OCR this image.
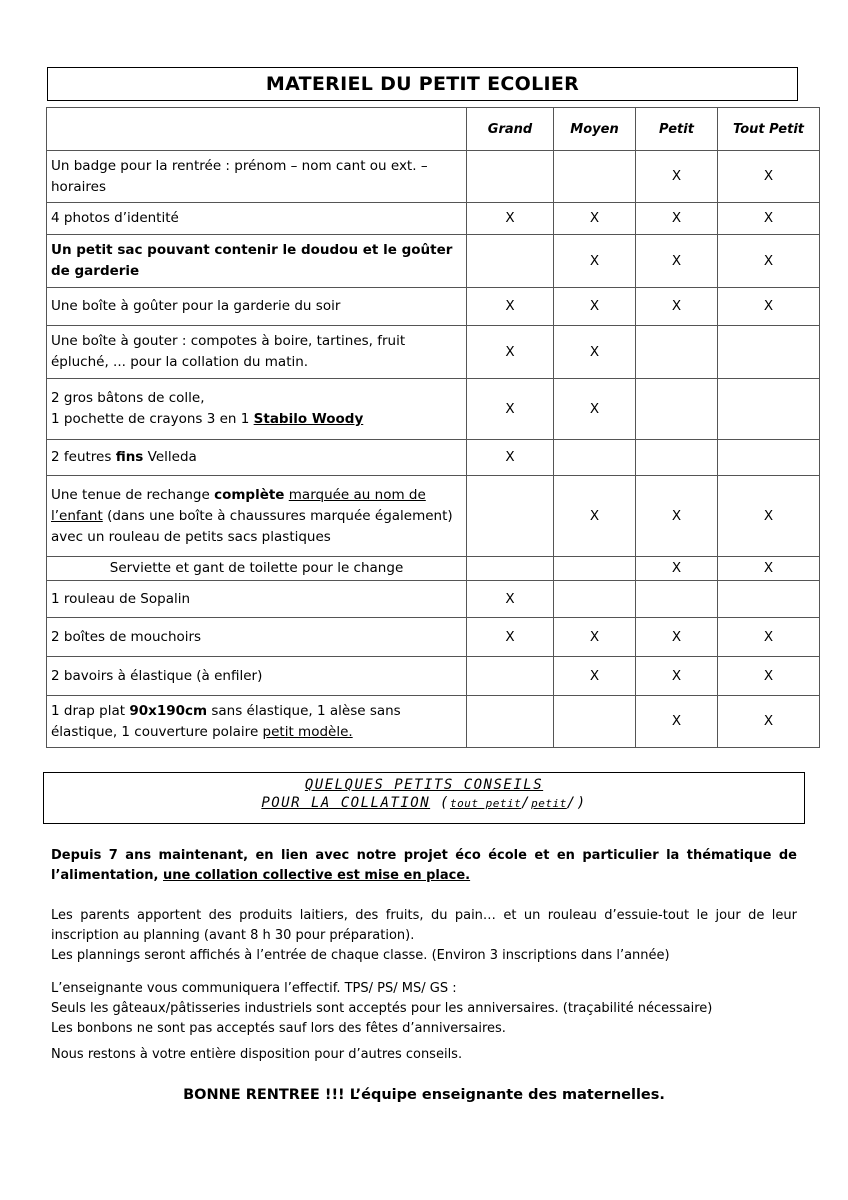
MATERIEL DU PETIT ECOLIER
	Grand	Moyen	Petit	Tout Petit
Un badge pour la rentrée : prénom – nom cant ou ext. – horaires			X	X
4 photos d’identité	X	X	X	X
Un petit sac pouvant contenir le doudou et le goûter de garderie		X	X	X
Une boîte à goûter pour la garderie du soir	X	X	X	X
Une boîte à gouter : compotes à boire, tartines, fruit épluché, ... pour la collation du matin.	X	X		
2 gros bâtons de colle,
1 pochette de crayons 3 en 1 Stabilo Woody	X	X		
2 feutres fins Velleda	X			
Une tenue de rechange complète marquée au nom de l’enfant (dans une boîte à chaussures marquée également) avec un rouleau de petits sacs plastiques		X	X	X
Serviette et gant de toilette pour le change			X	X
1 rouleau de Sopalin	X			
2 boîtes de mouchoirs	X	X	X	X
2 bavoirs à élastique (à enfiler)		X	X	X
1 drap plat 90x190cm sans élastique, 1 alèse sans élastique, 1 couverture polaire petit modèle.			X	X
QUELQUES PETITS CONSEILS
POUR LA COLLATION (tout petit/petit/)

Depuis 7 ans maintenant, en lien avec notre projet éco école et en particulier la thématique de l’alimentation, une collation collective est mise en place.

Les parents apportent des produits laitiers, des fruits, du pain… et un rouleau d’essuie-tout le jour de leur inscription au planning (avant 8 h 30 pour préparation).
Les plannings seront affichés à l’entrée de chaque classe. (Environ 3 inscriptions dans l’année)

L’enseignante vous communiquera l’effectif. TPS/ PS/ MS/ GS :
Seuls les gâteaux/pâtisseries industriels sont acceptés pour les anniversaires. (traçabilité nécessaire)
Les bonbons ne sont pas acceptés sauf lors des fêtes d’anniversaires.

Nous restons à votre entière disposition pour d’autres conseils.

BONNE RENTREE !!! L’équipe enseignante des maternelles.
